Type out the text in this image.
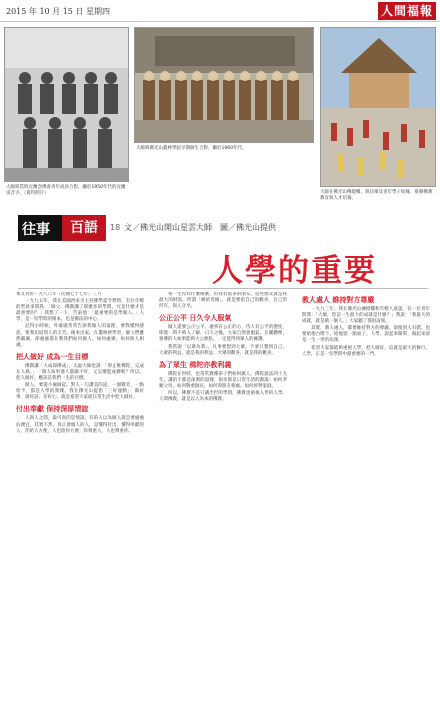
2015 年 10 月 15 日 星期四	人間福報
大師與當時宜蘭念佛會青年成員合影，攝於1950年代的宜蘭雷音寺。（資料照片）
大師與佛光山叢林學院早期師生合影，攝於1960年代。
大師在佛光山傳燈樓，與信眾及青年學子結緣，推動佛教教育與人才培養。
往事	百語	18 文／佛光山開山星雲大師　圖／佛光山提供
人學的重要

本文刊於一九八八年〔民國七十七年〕三月

一九九五年，我在美國西來寺主持佛學夏令營時，有位年輕的學員來問我：「師父，佛教講了那麼多的學問，究竟什麼才是最重要的？」我想了一下，告訴他：「最重要的是學做人。」人學，是一切學問的根本，也是佛法的中心。

記得小時候，外婆就常常告訴我做人的道理，要我懂得感恩，要我知道別人的辛苦。後來出家，在叢林裡學習，師父們雖然嚴厲，卻處處都在教我們如何做人、如何處眾、如何與人相處。

把人做好 成為一生目標

佛教講「人成即佛成」，太虛大師也說：「仰止唯佛陀，完成在人格。」一個人如果連人都做不好，又怎麼能成佛呢？所以，把人做好，應該是我們一生的目標。

做人，要從小處做起。對人一句讚美的話，一個微笑，一點給予，都是人學的實踐。我在佛光山提倡「三好運動」：做好事、說好話、存好心，就是希望大家從日常生活中把人做好。

付出奉獻 保持深厚情誼

人與人之間，最可貴的是情誼。有的人以為做人就是要處處佔便宜，其實不然，真正會做人的人，是懂得付出、懂得奉獻的人。你給人方便，人也給你方便；你尊重人，人也尊重你。

我一生沒有什麼積蓄，但我有很多的朋友，這些朋友就是我最大的財富。所謂「廣結善緣」，就是要把自己的歡喜、自己的所有，與人分享。

公正公平 日久令人服氣

做人還要公正公平。處事有公正的心，待人有公平的態度，即使一時不被人了解，日久之後，大家自然會服氣。在團體裡，領導的人如果能夠大公無私，一定能得到眾人的擁護。

我常說「以眾為我」，凡事要想到大眾，不要只想到自己。大眾的利益，就是我的利益；大眾的歡喜，就是我的歡喜。

為了眾生 佛陀亦教利義

佛陀在世時，也常常教導弟子們如何做人。佛陀說法四十九年，講的不都是深奧的道理，很多都是日常生活的教誨：如何孝順父母、如何敬重師長、如何與朋友相處、如何經營家庭。

所以，佛教不是只講出世的學問，佛教也重視入世的人學。人間佛教，就是以人為本的佛教。

教人處人 維持對方尊嚴

一九九三年，我在佛光山傳燈樓和年輕人座談，有一位青年問我：「大師，您這一生最大的成就是什麼？」我說：「我最大的成就，就是做一個人。」大家聽了都很訝異。

其實，教人處人，都要維持對方的尊嚴。即使別人有錯，也要給他台階下，給他留一點面子。人學，說起來簡單，做起來卻是一生一世的功課。

希望大家都能夠重視人學，把人做好，這就是最大的修行。人學，正是一切學問中最重要的一門。
